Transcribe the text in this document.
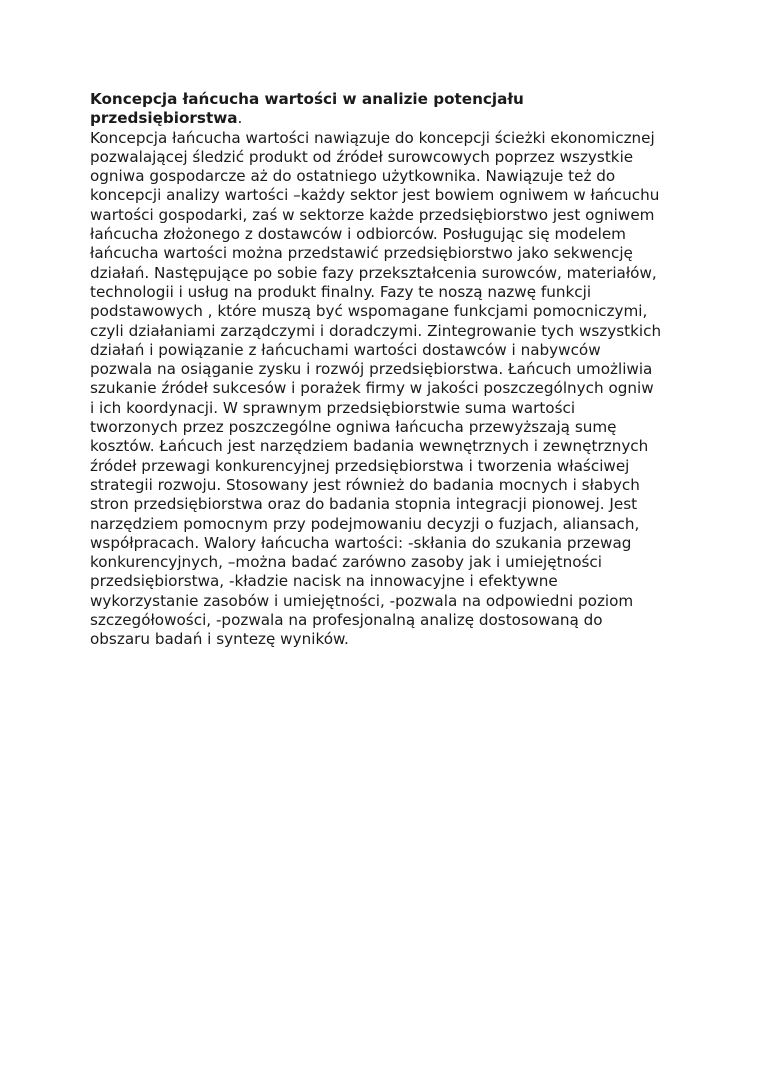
Koncepcja łańcucha wartości w analizie potencjału
przedsiębiorstwa.
Koncepcja łańcucha wartości nawiązuje do koncepcji ścieżki ekonomicznej
pozwalającej śledzić produkt od źródeł surowcowych poprzez wszystkie
ogniwa gospodarcze aż do ostatniego użytkownika. Nawiązuje też do
koncepcji analizy wartości –każdy sektor jest bowiem ogniwem w łańcuchu
wartości gospodarki, zaś w sektorze każde przedsiębiorstwo jest ogniwem
łańcucha złożonego z dostawców i odbiorców. Posługując się modelem
łańcucha wartości można przedstawić przedsiębiorstwo jako sekwencję
działań. Następujące po sobie fazy przekształcenia surowców, materiałów,
technologii i usług na produkt finalny. Fazy te noszą nazwę funkcji
podstawowych , które muszą być wspomagane funkcjami pomocniczymi,
czyli działaniami zarządczymi i doradczymi. Zintegrowanie tych wszystkich
działań i powiązanie z łańcuchami wartości dostawców i nabywców
pozwala na osiąganie zysku i rozwój przedsiębiorstwa. Łańcuch umożliwia
szukanie źródeł sukcesów i porażek firmy w jakości poszczególnych ogniw
i ich koordynacji. W sprawnym przedsiębiorstwie suma wartości
tworzonych przez poszczególne ogniwa łańcucha przewyższają sumę
kosztów. Łańcuch jest narzędziem badania wewnętrznych i zewnętrznych
źródeł przewagi konkurencyjnej przedsiębiorstwa i tworzenia właściwej
strategii rozwoju. Stosowany jest również do badania mocnych i słabych
stron przedsiębiorstwa oraz do badania stopnia integracji pionowej. Jest
narzędziem pomocnym przy podejmowaniu decyzji o fuzjach, aliansach,
współpracach. Walory łańcucha wartości: -skłania do szukania przewag
konkurencyjnych, –można badać zarówno zasoby jak i umiejętności
przedsiębiorstwa, -kładzie nacisk na innowacyjne i efektywne
wykorzystanie zasobów i umiejętności, -pozwala na odpowiedni poziom
szczegółowości, -pozwala na profesjonalną analizę dostosowaną do
obszaru badań i syntezę wyników.
